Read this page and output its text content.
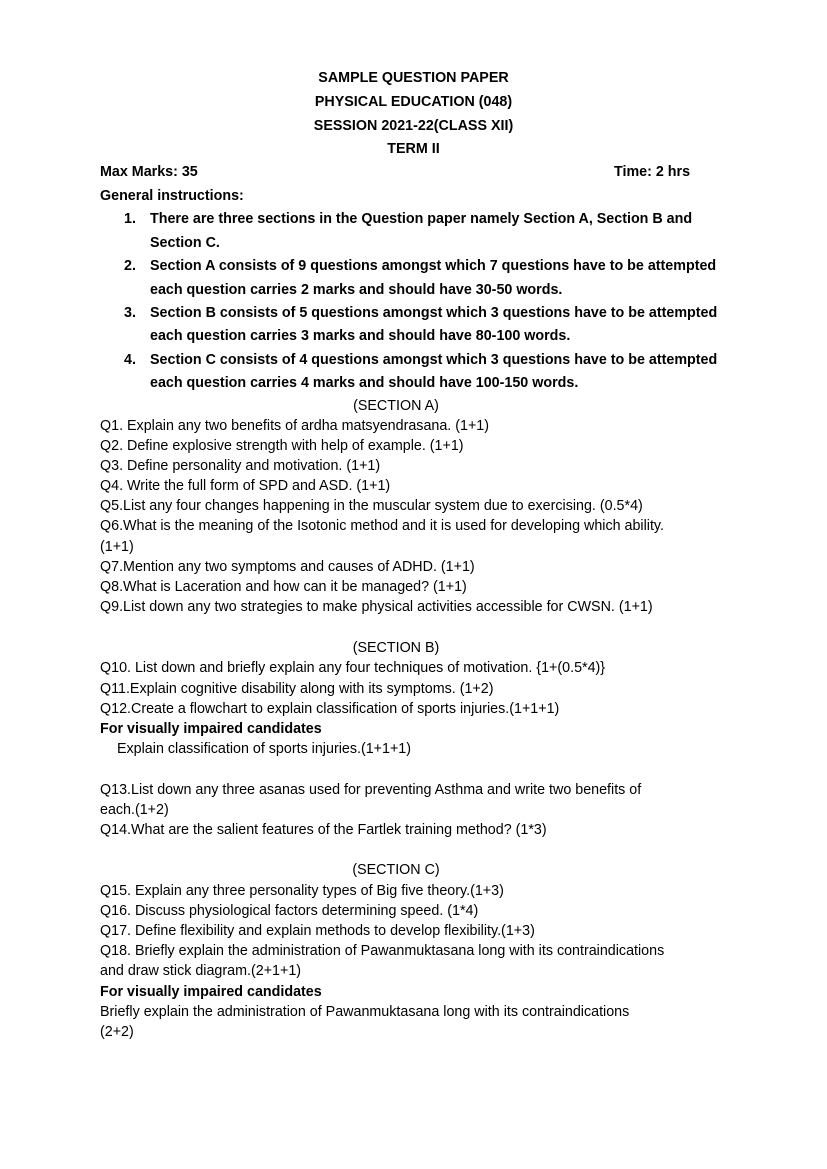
SAMPLE QUESTION PAPER
PHYSICAL EDUCATION (048)
SESSION 2021-22(CLASS XII)
TERM II
Max Marks: 35	Time: 2 hrs
General instructions:
1. There are three sections in the Question paper namely Section A, Section B and
Section C.
2. Section A consists of 9 questions amongst which 7 questions have to be attempted
each question carries 2 marks and should have 30-50 words.
3. Section B consists of 5 questions amongst which 3 questions have to be attempted
each question carries 3 marks and should have 80-100 words.
4. Section C consists of 4 questions amongst which 3 questions have to be attempted
each question carries 4 marks and should have 100-150 words.
(SECTION A)
Q1. Explain any two benefits of ardha matsyendrasana. (1+1)
Q2. Define explosive strength with help of example. (1+1)
Q3. Define personality and motivation. (1+1)
Q4. Write the full form of SPD and ASD. (1+1)
Q5.List any four changes happening in the muscular system due to exercising. (0.5*4)
Q6.What is the meaning of the Isotonic method and it is used for developing which ability.
(1+1)
Q7.Mention any two symptoms and causes of ADHD. (1+1)
Q8.What is Laceration and how can it be managed? (1+1)
Q9.List down any two strategies to make physical activities accessible for CWSN. (1+1)
(SECTION B)
Q10. List down and briefly explain any four techniques of motivation. {1+(0.5*4)}
Q11.Explain cognitive disability along with its symptoms. (1+2)
Q12.Create a flowchart to explain classification of sports injuries.(1+1+1)
For visually impaired candidates
Explain classification of sports injuries.(1+1+1)
Q13.List down any three asanas used for preventing Asthma and write two benefits of
each.(1+2)
Q14.What are the salient features of the Fartlek training method? (1*3)
(SECTION C)
Q15. Explain any three personality types of Big five theory.(1+3)
Q16. Discuss physiological factors determining speed. (1*4)
Q17. Define flexibility and explain methods to develop flexibility.(1+3)
Q18. Briefly explain the administration of Pawanmuktasana long with its contraindications
and draw stick diagram.(2+1+1)
For visually impaired candidates
Briefly explain the administration of Pawanmuktasana long with its contraindications
(2+2)
